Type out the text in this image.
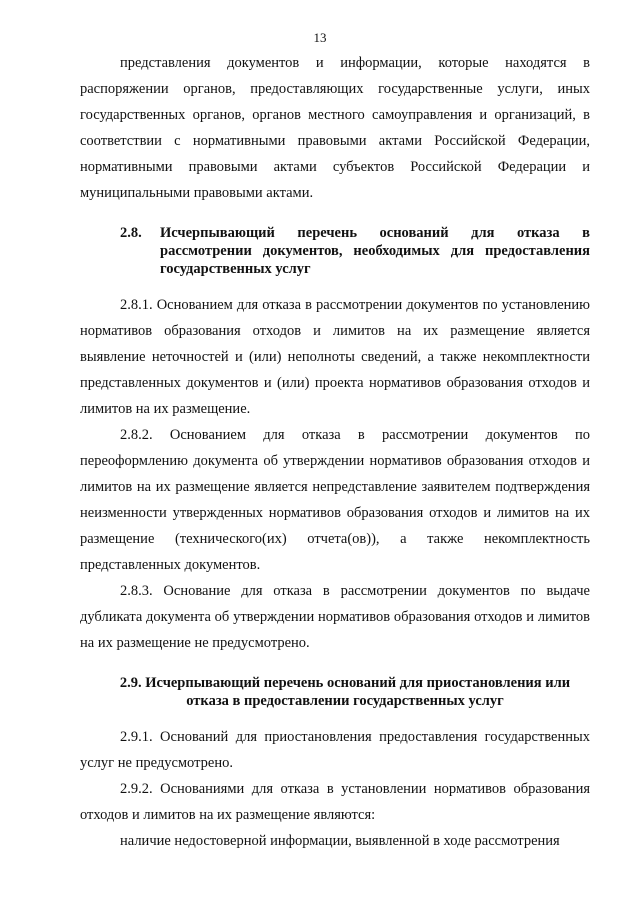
13

представления документов и информации, которые находятся в распоряжении органов, предоставляющих государственные услуги, иных государственных органов, органов местного самоуправления и организаций, в соответствии с нормативными правовыми актами Российской Федерации, нормативными правовыми актами субъектов Российской Федерации и муниципальными правовыми актами.

2.8.	Исчерпывающий перечень оснований для отказа в рассмотрении документов, необходимых для предоставления государственных услуг

2.8.1. Основанием для отказа в рассмотрении документов по установлению нормативов образования отходов и лимитов на их размещение является выявление неточностей и (или) неполноты сведений, а также некомплектности представленных документов и (или) проекта нормативов образования отходов и лимитов на их размещение.

2.8.2. Основанием для отказа в рассмотрении документов по переоформлению документа об утверждении нормативов образования отходов и лимитов на их размещение является непредставление заявителем подтверждения неизменности утвержденных нормативов образования отходов и лимитов на их размещение (технического(их) отчета(ов)), а также некомплектность представленных документов.

2.8.3. Основание для отказа в рассмотрении документов по выдаче дубликата документа об утверждении нормативов образования отходов и лимитов на их размещение не предусмотрено.

2.9. Исчерпывающий перечень оснований для приостановления или отказа в предоставлении государственных услуг

2.9.1. Оснований для приостановления предоставления государственных услуг не предусмотрено.

2.9.2. Основаниями для отказа в установлении нормативов образования отходов и лимитов на их размещение являются:

наличие недостоверной информации, выявленной в ходе рассмотрения
